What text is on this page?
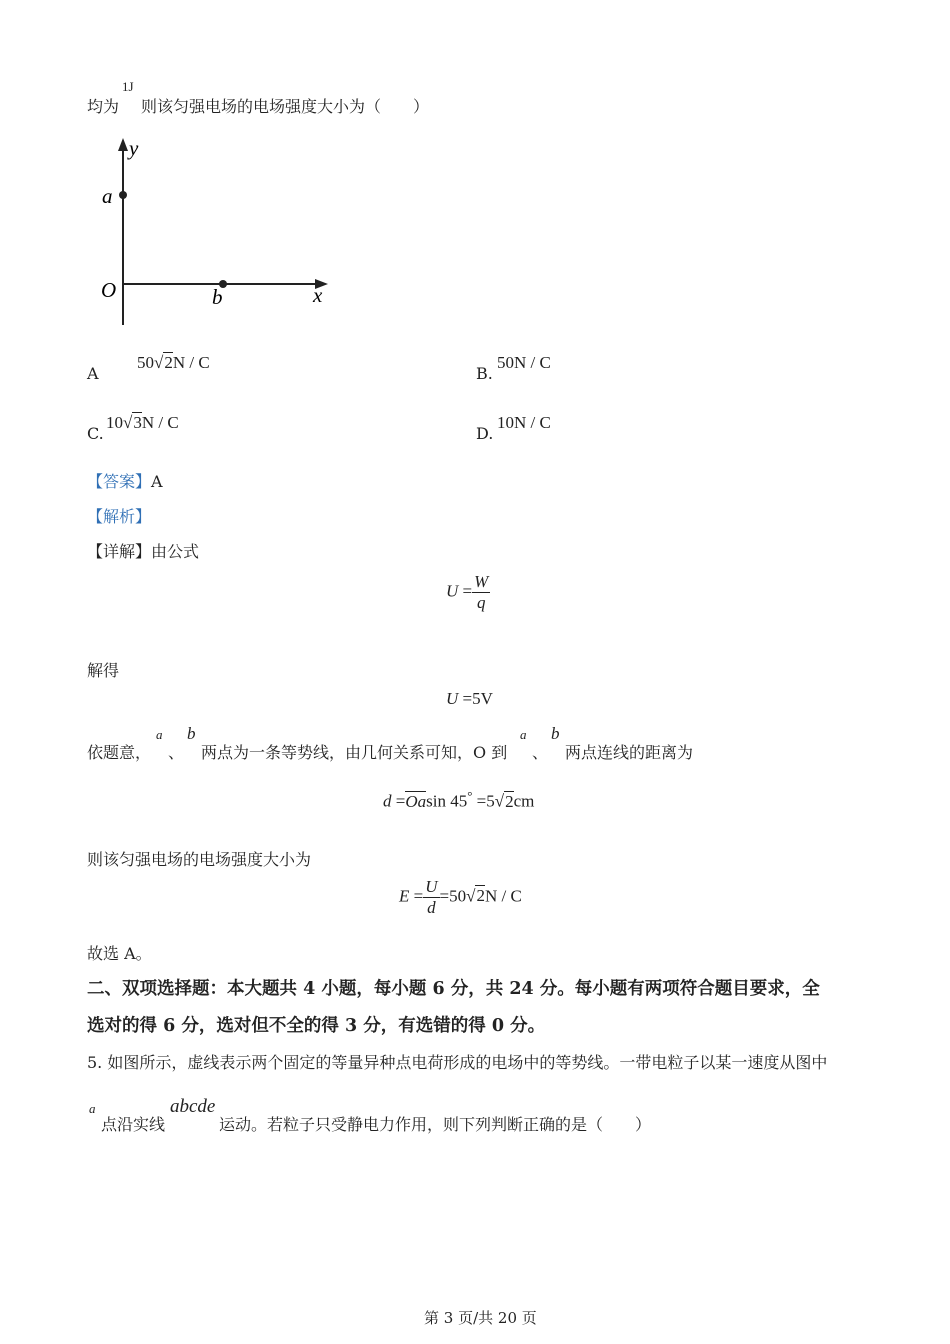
均为
1J
则该匀强电场的电场强度大小为（　　）
y
a
O	b	x
A
50√2N / C
B.
50N / C
C.
10√3N / C
D.
10N / C
【答案】A
【解析】
【详解】由公式
$U = \frac{W}{q}$
解得
U =5V
依题意，
a
、
b
两点为一条等势线，由几何关系可知，O 到
a
、
b
两点连线的距离为
d =Oasin 45° =5√2cm
则该匀强电场的电场强度大小为
$E = \frac{U}{d} =50√2N / C$
故选 A。
二、双项选择题：本大题共 4 小题，每小题 6 分，共 24 分。每小题有两项符合题目要求，全
选对的得 6 分，选对但不全的得 3 分，有选错的得 0 分。
5. 如图所示，虚线表示两个固定的等量异种点电荷形成的电场中的等势线。一带电粒子以某一速度从图中
a
点沿实线
abcde
运动。若粒子只受静电力作用，则下列判断正确的是（　　）
第 3 页/共 20 页
